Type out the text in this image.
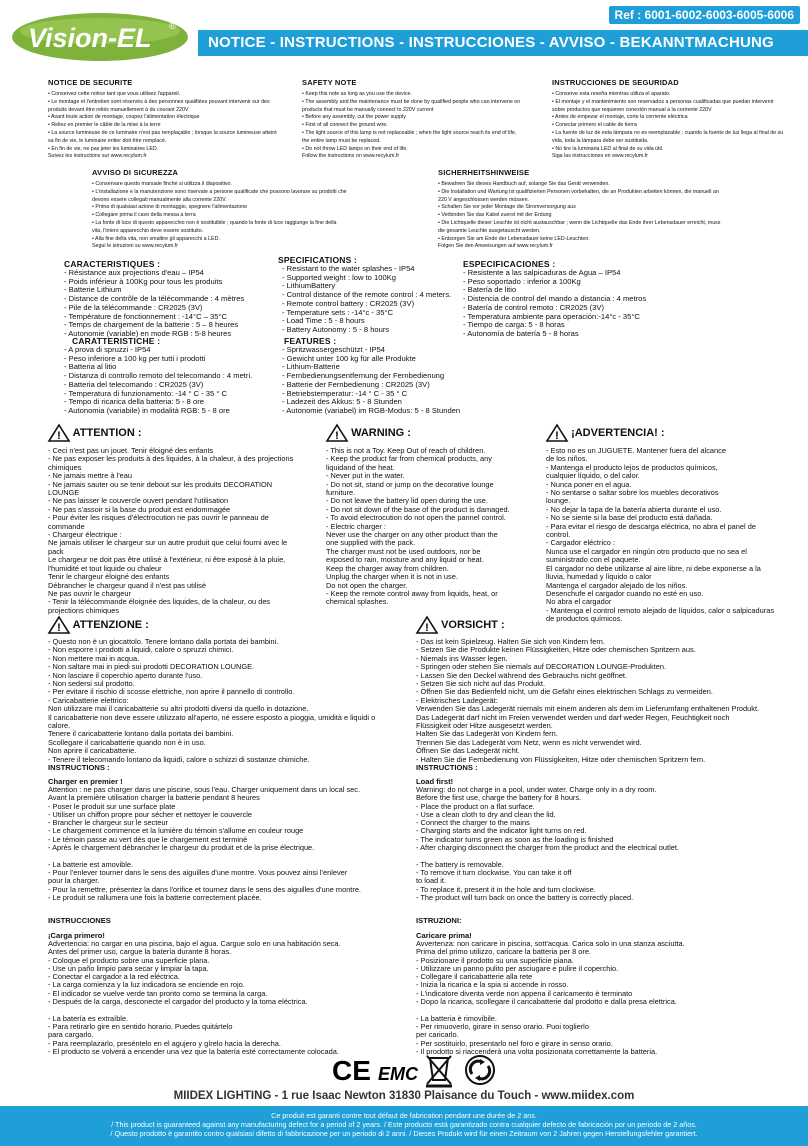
Vision-EL ®
Ref : 6001-6002-6003-6005-6006
NOTICE - INSTRUCTIONS - INSTRUCCIONES - AVVISO - BEKANNTMACHUNG
NOTICE DE SECURITE
• Conservez cette notice tant que vous utilisez l'appareil.
• Le montage et l'entretien sont réservés à des personnes qualifiées pouvant intervenir sur des
produits devant être reliés manuellement à du courant 220V
• Avant toute action de montage, coupez l'alimentation électrique
• Reliez en premier le câble de la mise à la terre
• La source lumineuse de ce luminaire n'est pas remplaçable ; lorsque la source lumineuse atteint
sa fin de vie, le luminaire entier doit être remplacé.
• En fin de vie, ne pas jeter les luminaires LED.
Suivez les instructions sur www.recylum.fr
SAFETY NOTE
• Keep this note as long as you use the device.
• The assembly and the maintenance must be done by qualified people who can intervene on
products that must be manually connect to 220V current
• Before any assembly, cut the power supply
• First of all connect the ground wire.
• The light source of this lamp is not replaceable ; when the light source reach its end of life,
the entire lamp must be replaced.
• Do not throw LED lamps on their end of life.
Follow the instructions on www.recylum.fr
INSTRUCCIONES DE SEGURIDAD
• Conserve esta reseña mientras utiliza el aparato.
• El montaje y el mantenimiento son reservados a personas cualificadas que puedan intervenir
sobre productos que requieren conexión manual a la corriente 220V
• Antes de empezar el montaje, corte la corriente eléctrica
• Conectar primero el cable de tierra
• La fuente de luz de esta lámpara no es reemplazable ; cuando la fuente de luz llega al final de su
vida, toda la lámpara debe ser sustituida.
• No tire la luminaria LED al final de su vida útil.
Siga las instrucciones en www.recylum.fr
AVVISO DI SICUREZZA
• Conservare questo manuale finché si utilizza il dispositivo.
• L'installazione e la manutenzione sono riservate a persone qualificate che possono lavorare su prodotti che
devono essere collegati manualmente alla corrente 220V.
• Prima di qualsiasi azione di montaggio, spegnere l'alimentazione
• Collegare prima il cavo della messa a terra
• La fonte di luce di questo apparecchio non è sostituibile ; quando la fonte di luce raggiunge la fine della
vita, l'intero apparecchio deve essere sostituito.
• Alla fine della vita, non smaltire gli apparecchi a LED.
Segui le istruzioni su www.recylum.fr
SICHERHEITSHINWEISE
• Bewahren Sie dieses Handbuch auf, solange Sie das Gerät verwenden.
• Die Installation und Wartung ist qualifizierten Personen vorbehalten, die an Produkten arbeiten können, die manuell an
220 V angeschlossen werden müssen.
• Schalten Sie vor jeder Montage die Stromversorgung aus
• Verbinden Sie das Kabel zuerst mit der Erdung
• Die Lichtquelle dieser Leuchte ist nicht austauschbar ; wenn die Lichtquelle das Ende ihrer Lebensdauer erreicht, muss
die gesamte Leuchte ausgetauscht werden.
• Entsorgen Sie am Ende der Lebensdauer keine LED-Leuchten.
Folgen Sie den Anweisungen auf www.recylum.fr
CARACTERISTIQUES :
- Résistance aux projections d'eau – IP54
- Poids inférieur à 100Kg pour tous les produits
- Batterie Lithium
- Distance de contrôle de la télécommande : 4 mètres
- Pile de la télécommande : CR2025 (3V)
- Température de fonctionnement : -14°C – 35°C
- Temps de chargement de la batterie : 5 – 8 heures
- Autonomie (variable) en mode RGB : 5-8 heures
SPECIFICATIONS :
- Resistant to the water splashes - IP54
- Supported weight : low to 100Kg
- LithiumBattery
- Control distance of the remote control : 4 meters.
- Remote control battery : CR2025 (3V)
- Temperature sets : -14°c - 35°C
- Load Time : 5 - 8 hours
- Battery Autonomy : 5 - 8 hours
ESPECIFICACIONES :
- Resistente a las salpicaduras de Agua – IP54
- Peso soportado : inferior a 100Kg
- Batería de litio
- Distencia de control del mando a distancia : 4 metros
- Batería de control remoto : CR2025 (3V)
- Temperatura ambiente para operación:-14°c - 35°C
- Tiempo de carga: 5 - 8 horas
- Autonomía de batería 5 - 8 horas
CARATTERISTICHE :
- A prova di spruzzi - IP54
- Peso inferiore a 100 kg per tutti i prodotti
- Batteria al litio
- Distanza di controllo remoto del telecomando : 4 metri.
- Batteria del telecomando : CR2025 (3V)
- Temperatura di funzionamento: -14 ° C - 35 ° C
- Tempo di ricarica della batteria: 5 - 8 ore
- Autonomia (variabile) in modalità RGB: 5 - 8 ore
FEATURES :
- Spritzwassergeschützt - IP54
- Gewicht unter 100 kg für alle Produkte
- Lithium-Batterie
- Fernbedienungsentfernung der Fernbedienung
- Batterie der Fernbedienung : CR2025 (3V)
- Betriebstemperatur: -14 ° C - 35 ° C
- Ladezeit des Akkus: 5 - 8 Stunden
- Autonomie (variabel) im RGB-Modus: 5 - 8 Stunden
! ATTENTION :
- Ceci n'est pas un jouet. Tenir éloigné des enfants
- Ne pas exposer les produits à des liquides, à la chaleur, à des projections
chimiques
- Ne jamais mettre à l'eau
- Ne jamais sauter ou se tenir debout sur les produits DECORATION
LOUNGE
- Ne pas laisser le couvercle ouvert pendant l'utilisation
- Ne pas s'assoir si la base du produit est endommagée
- Pour éviter les risques d'électrocution ne pas ouvrir le panneau de
commande
- Chargeur électrique :
Ne jamais utiliser le chargeur sur un autre produit que celui fourni avec le
pack
Le chargeur ne doit pas être utilisé à l'extérieur, ni être exposé à la pluie,
l'humidité et tout liquide ou chaleur
Tenir le chargeur éloigné des enfants
Débrancher le chargeur quand il n'est pas utilisé
Ne pas ouvrir le chargeur
- Tenir la télécommande éloignée des liquides, de la chaleur, ou des
projections chimiques
! WARNING :
- This is not a Toy. Keep Out of reach of children.
- Keep the product far from chemical products, any
liquidand of the heat.
- Never put in the water.
- Do not sit, stand or jump on the decorative lounge
furniture.
- Do not leave the battery lid open during the use.
- Do not sit down of the base of the product is damaged.
- To avoid electrocution do not open the pannel control.
- Electric charger :
Never use the charger on any other product than the
one supplied with the pack.
The charger must not be used outdoors, nor be
exposed to rain, moisture and any liquid or heat.
Keep the charger away from children.
Unplug the charger when it is not in use.
Do not open the charger.
- Keep the remote control away from liquids, heat, or
chemical splashes.
! ¡ADVERTENCIA! :
- Esto no es un JUGUETE. Mantener fuera del alcance
de los niños.
- Mantenga el producto lejos de productos químicos,
cualquier líquido, o del calor.
- Nunca poner en el agua.
- No sentarse o saltar sobre los muebles decorativos
lounge.
- No dejar la tapa de la batería abierta durante el uso.
- No se siente si la base del producto está dañada.
- Para evitar el riesgo de descarga eléctrica, no abra el panel de
control.
- Cargador eléctrico :
Nunca use el cargador en ningún otro producto que no sea el
suministrado con el paquete.
El cargador no debe utilizarse al aire libre, ni debe exponerse a la
lluvia, humedad y líquido o calor
Mantenga el cargador alejado de los niños.
Desenchufe el cargador cuando no esté en uso.
No abra el cargador
- Mantenga el control remoto alejado de líquidos, calor o salpicaduras
de productos químicos.
! ATTENZIONE :
- Questo non è un giocattolo. Tenere lontano dalla portata dei bambini.
- Non esporre i prodotti a liquidi, calore o spruzzi chimici.
- Non mettere mai in acqua.
- Non saltare mai in piedi sui prodotti DECORATION LOUNGE.
- Non lasciare il coperchio aperto durante l'uso.
- Non sedersi sul prodotto.
- Per evitare il rischio di scosse elettriche, non aprire il pannello di controllo.
- Caricabatterie elettrico:
Non utilizzare mai il caricabatterie su altri prodotti diversi da quello in dotazione.
Il caricabatterie non deve essere utilizzato all'aperto, né essere esposto a pioggia, umidità e liquidi o
calore.
Tenere il caricabatterie lontano dalla portata dei bambini.
Scollegare il caricabatterie quando non è in uso.
Non aprire il caricabatterie.
- Tenere il telecomando lontano da liquidi, calore o schizzi di sostanze chimiche.
! VORSICHT :
- Das ist kein Spielzeug. Halten Sie sich von Kindern fern.
- Setzen Sie die Produkte keinen Flüssigkeiten, Hitze oder chemischen Spritzern aus.
- Niemals ins Wasser legen.
- Springen oder stehen Sie niemals auf DECORATION LOUNGE-Produkten.
- Lassen Sie den Deckel während des Gebrauchs nicht geöffnet.
- Setzen Sie sich nicht auf das Produkt.
- Öffnen Sie das Bedienfeld nicht, um die Gefahr eines elektrischen Schlags zu vermeiden.
- Elektrisches Ladegerät:
Verwenden Sie das Ladegerät niemals mit einem anderen als dem im Lieferumfang enthaltenen Produkt.
Das Ladegerät darf nicht im Freien verwendet werden und darf weder Regen, Feuchtigkeit noch
Flüssigkeit oder Hitze ausgesetzt werden.
Halten Sie das Ladegerät von Kindern fern.
Trennen Sie das Ladegerät vom Netz, wenn es nicht verwendet wird.
Öffnen Sie das Ladegerät nicht.
- Halten Sie die Fernbedienung von Flüssigkeiten, Hitze oder chemischen Spritzern fern.
INSTRUCTIONS :
Charger en premier !
Attention : ne pas charger dans une piscine, sous l'eau. Charger uniquement dans un local sec.
Avant la première utilisation charger la batterie pendant 8 heures
- Poser le produit sur une surface plate
- Utiliser un chiffon propre pour sécher et nettoyer le couvercle
- Brancher le chargeur sur le secteur
- Le chargement commence et la lumière du témoin s'allume en couleur rouge
- Le témoin passe au vert dès que le chargement est terminé
- Après le chargement débrancher le chargeur du produit et de la prise électrique.

- La batterie est amovible.
- Pour l'enlever tourner dans le sens des aiguilles d'une montre. Vous pouvez ainsi l'enlever
pour la charger.
- Pour la remettre, présentez la dans l'orifice et tournez dans le sens des aiguilles d'une montre.
- Le produit se rallumera une fois la batterie correctement placée.
INSTRUCTIONS :
Load first!
Warning: do not charge in a pool, under water. Charge only in a dry room.
Before the first use, charge the battery for 8 hours.
- Place the product on a flat surface.
- Use a clean cloth to dry and clean the lid.
- Connect the charger to the mains
- Charging starts and the indicator light turns on red.
- The indicator turns green as soon as the loading is finished
- After charging disconnect the charger from the product and the electrical outlet.

- The battery is removable.
- To remove it turn clockwise. You can take it off
to load it.
- To replace it, present it in the hole and turn clockwise.
- The product will turn back on once the battery is correctly placed.
INSTRUCCIONES
¡Carga primero!
Advertencia: no cargar en una piscina, bajo el agua. Cargue solo en una habitación seca.
Antes del primer uso, cargue la batería durante 8 horas.
- Coloque el producto sobre una superficie plana.
- Use un paño limpio para secar y limpiar la tapa.
- Conectar el cargador a la red eléctrica.
- La carga comienza y la luz indicadora se enciende en rojo.
- El indicador se vuelve verde tan pronto como se termina la carga.
- Después de la carga, desconecte el cargador del producto y la toma eléctrica.

- La batería es extraíble.
- Para retirarlo gire en sentido horario. Puedes quitártelo
para cargarlo.
- Para reemplazarlo, preséntelo en el agujero y gírelo hacia la derecha.
- El producto se volverá a encender una vez que la batería esté correctamente colocada.
ISTRUZIONI:
Caricare prima!
Avvertenza: non caricare in piscina, sott'acqua. Carica solo in una stanza asciutta.
Prima del primo utilizzo, caricare la batteria per 8 ore.
- Posizionare il prodotto su una superficie piana.
- Utilizzare un panno pulito per asciugare e pulire il coperchio.
- Collegare il caricabatterie alla rete
- Inizia la ricarica e la spia si accende in rosso.
- L'indicatore diventa verde non appena il caricamento è terminato
- Dopo la ricarica, scollegare il caricabatterie dal prodotto e dalla presa elettrica.

- La batteria è rimovibile.
- Per rimuoverlo, girare in senso orario. Puoi toglierlo
per caricarlo.
- Per sostituirlo, presentarlo nel foro e girare in senso orario.
- Il prodotto si riaccenderà una volta posizionata correttamente la batteria.
CE EMC
MIIDEX LIGHTING - 1 rue Isaac Newton 31830 Plaisance du Touch - www.miidex.com
Ce produit est garanti contre tout défaut de fabrication pendant une durée de 2 ans.
/ This product is guaranteed against any manufacturing defect for a period of 2 years. / Este producto está garantizado contra cualquier defecto de fabricación por un periodo de 2 años.
/ Questo prodotto è garantito contro qualsiasi difetto di fabbricazione per un periodo di 2 anni. / Dieses Produkt wird für einen Zeitraum von 2 Jahren gegen Herstellungsfehler garantiert.
